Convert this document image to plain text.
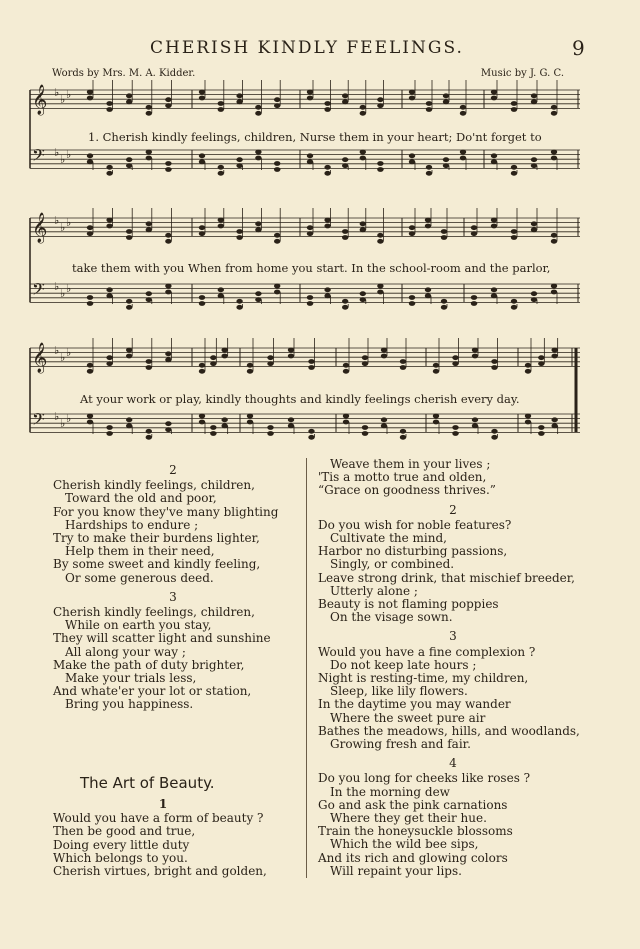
CHERISH KINDLY FEELINGS.	9
Words by Mrs. M. A. Kidder.	Music by J. G. C.
𝄞 ♭
♭ ♭
𝄢 ♭
♭ ♭
𝄞 ♭
♭ ♭
𝄢 ♭
♭ ♭
𝄞 ♭
♭ ♭
𝄢 ♭
♭ ♭
1. Cherish kindly feelings, children, Nurse them in your heart; Do'nt forget to
take them with you When from home you start. In the school-room and the parlor,
At your work or play, kindly thoughts and kindly feelings cherish every day.
2
Cherish kindly feelings, children,
Toward the old and poor,
For you know they've many blighting
Hardships to endure ;
Try to make their burdens lighter,
Help them in their need,
By some sweet and kindly feeling,
Or some generous deed.
3
Cherish kindly feelings, children,
While on earth you stay,
They will scatter light and sunshine
All along your way ;
Make the path of duty brighter,
Make your trials less,
And whate'er your lot or station,
Bring you happiness.
The Art of Beauty.
1
Would you have a form of beauty ?
Then be good and true,
Doing every little duty
Which belongs to you.
Cherish virtues, bright and golden,
Weave them in your lives ;
'Tis a motto true and olden,
“Grace on goodness thrives.”
2
Do you wish for noble features?
Cultivate the mind,
Harbor no disturbing passions,
Singly, or combined.
Leave strong drink, that mischief breeder,
Utterly alone ;
Beauty is not flaming poppies
On the visage sown.
3
Would you have a fine complexion ?
Do not keep late hours ;
Night is resting-time, my children,
Sleep, like lily flowers.
In the daytime you may wander
Where the sweet pure air
Bathes the meadows, hills, and woodlands,
Growing fresh and fair.
4
Do you long for cheeks like roses ?
In the morning dew
Go and ask the pink carnations
Where they get their hue.
Train the honeysuckle blossoms
Which the wild bee sips,
And its rich and glowing colors
Will repaint your lips.
